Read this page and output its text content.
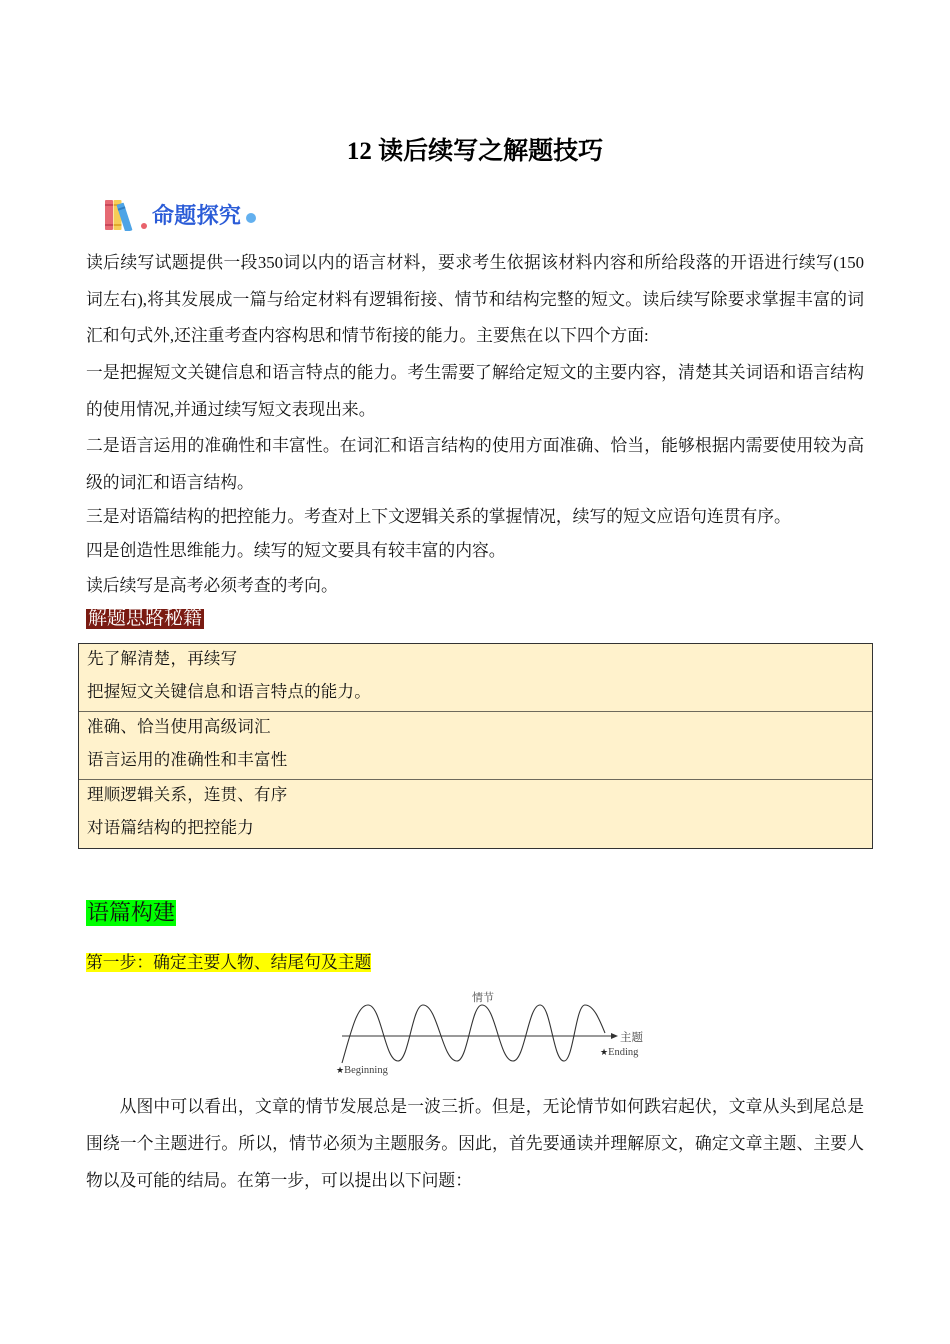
12 读后续写之解题技巧
命题探究
读后续写试题提供一段350词以内的语言材料，要求考生依据该材料内容和所给段落的开语进行续写(150
词左右),将其发展成一篇与给定材料有逻辑衔接、情节和结构完整的短文。读后续写除要求掌握丰富的词
汇和句式外,还注重考查内容构思和情节衔接的能力。主要焦在以下四个方面:
一是把握短文关键信息和语言特点的能力。考生需要了解给定短文的主要内容，清楚其关词语和语言结构
的使用情况,并通过续写短文表现出来。
二是语言运用的准确性和丰富性。在词汇和语言结构的使用方面准确、恰当，能够根据内需要使用较为高
级的词汇和语言结构。
三是对语篇结构的把控能力。考查对上下文逻辑关系的掌握情况，续写的短文应语句连贯有序。
四是创造性思维能力。续写的短文要具有较丰富的内容。
读后续写是高考必须考查的考向。
解题思路秘籍
先了解清楚，再续写
把握短文关键信息和语言特点的能力。
准确、恰当使用高级词汇
语言运用的准确性和丰富性
理顺逻辑关系，连贯、有序
对语篇结构的把控能力
语篇构建
第一步：确定主要人物、结尾句及主题
情节
主题
★Ending
★Beginning
从图中可以看出，文章的情节发展总是一波三折。但是，无论情节如何跌宕起伏，文章从头到尾总是
围绕一个主题进行。所以，情节必须为主题服务。因此，首先要通读并理解原文，确定文章主题、主要人
物以及可能的结局。在第一步，可以提出以下问题：
